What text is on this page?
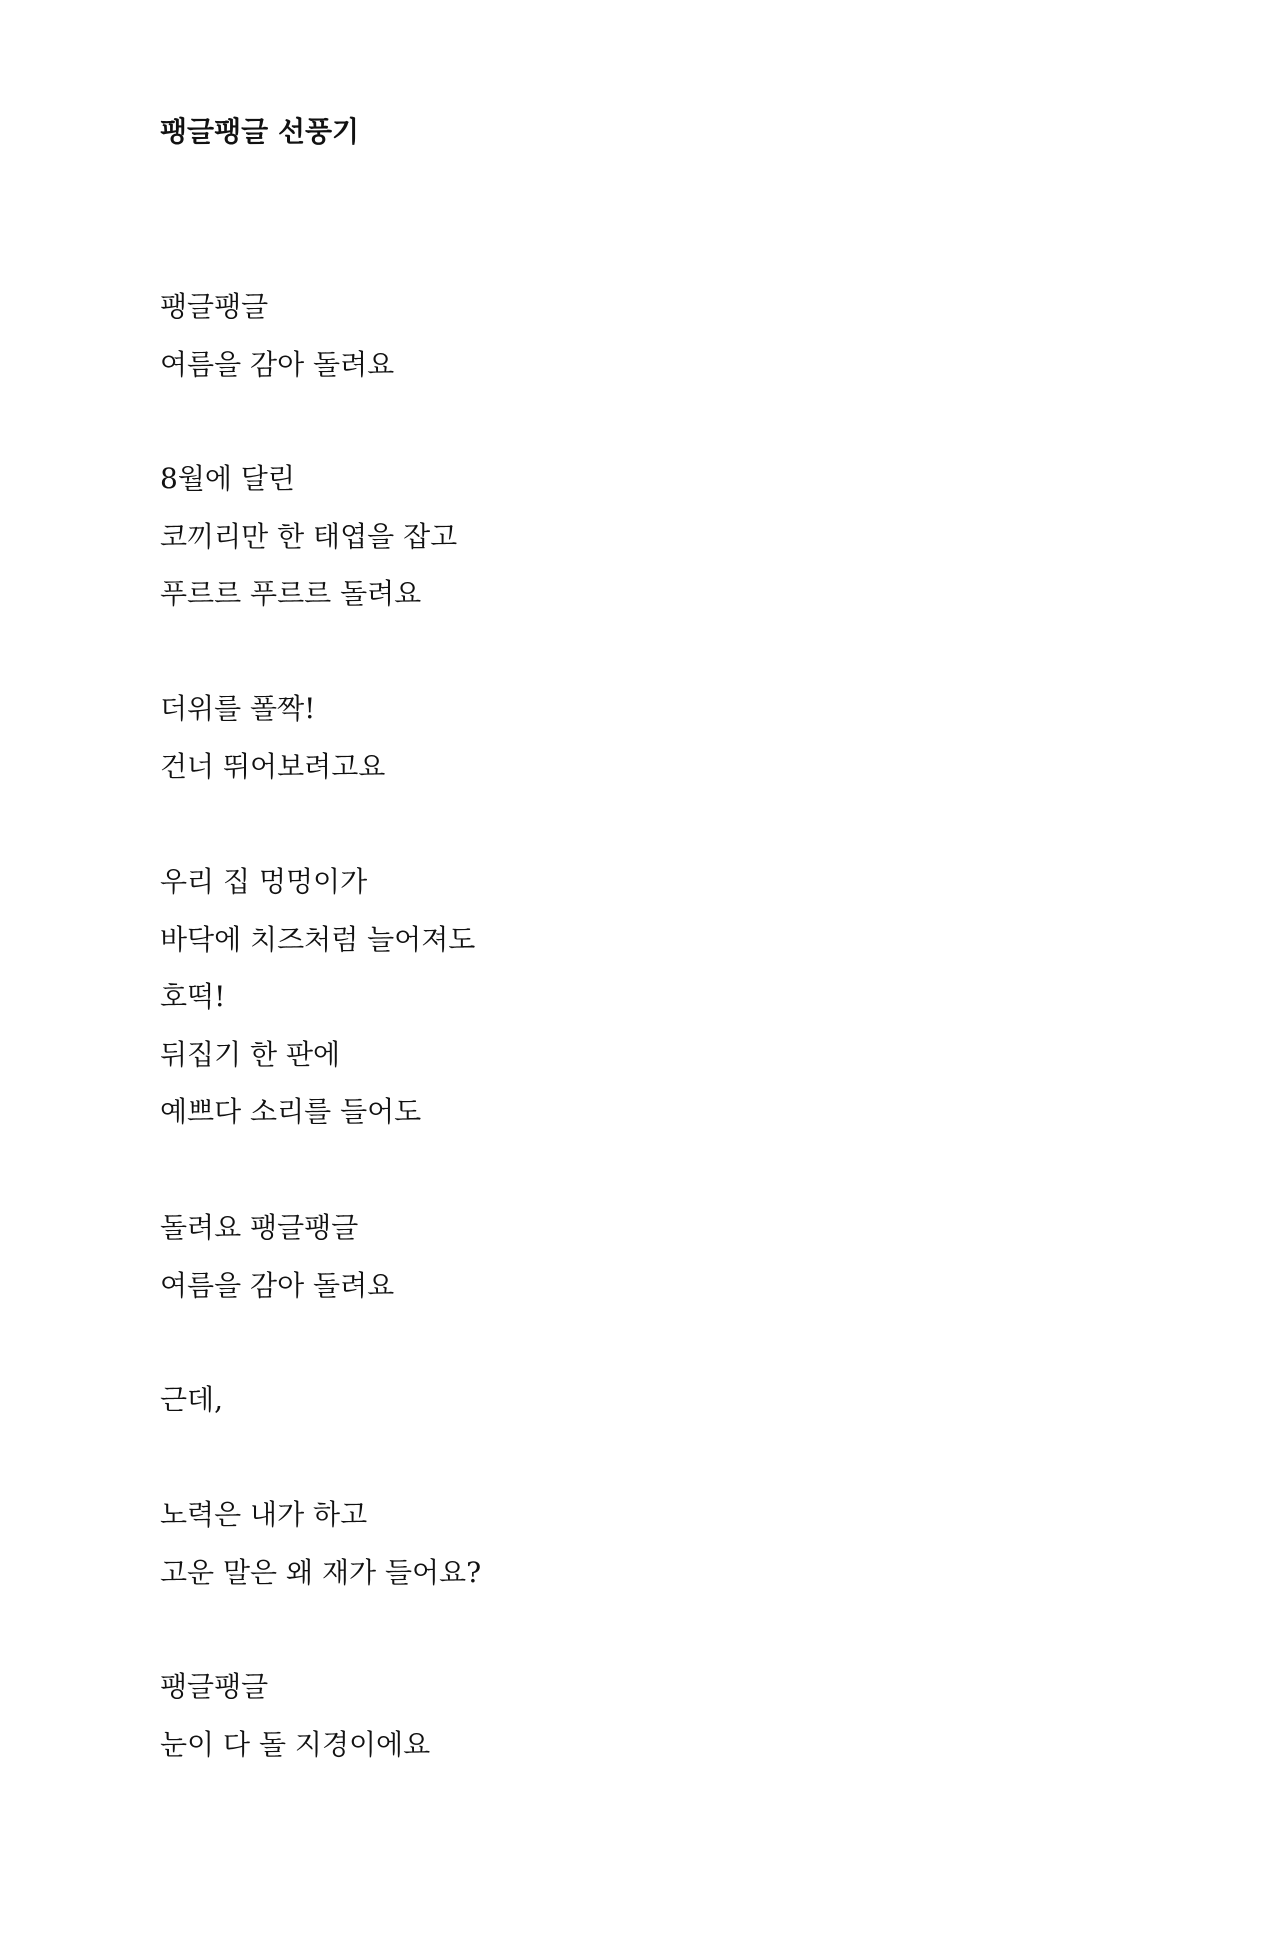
팽글팽글 선풍기
팽글팽글
여름을 감아 돌려요
8월에 달린
코끼리만 한 태엽을 잡고
푸르르 푸르르 돌려요
더위를 폴짝!
건너 뛰어보려고요
우리 집 멍멍이가
바닥에 치즈처럼 늘어져도
호떡!
뒤집기 한 판에
예쁘다 소리를 들어도
돌려요 팽글팽글
여름을 감아 돌려요
근데,
노력은 내가 하고
고운 말은 왜 재가 들어요?
팽글팽글
눈이 다 돌 지경이에요
